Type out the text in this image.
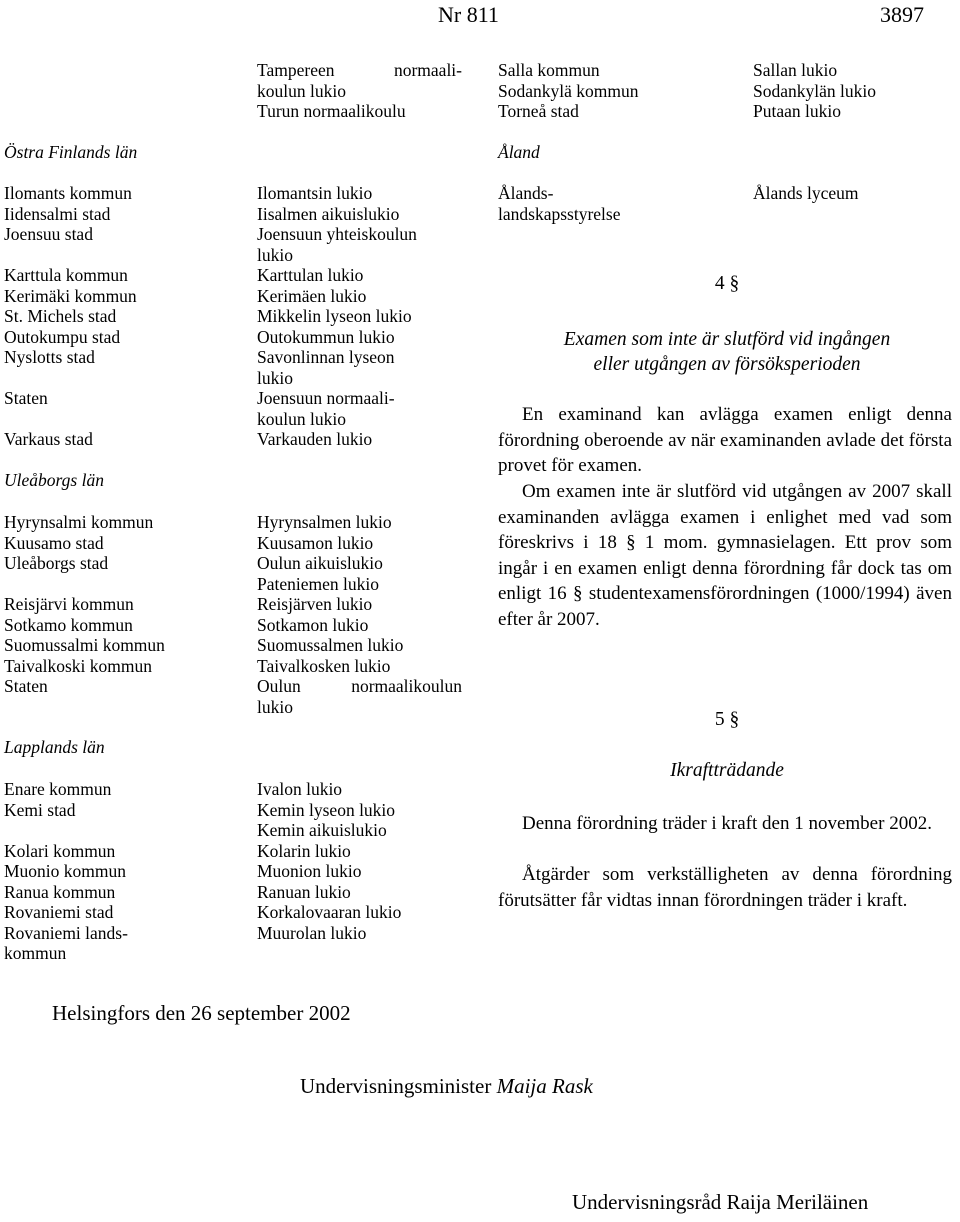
Nr 811	3897
Tampereen	normaali-
koulun lukio
Turun normaalikoulu
Salla kommun
Sodankylä kommun
Torneå stad
Sallan lukio
Sodankylän lukio
Putaan lukio
Östra Finlands län
Ilomants kommun
Iidensalmi stad
Joensuu stad
Karttula kommun
Kerimäki kommun
St. Michels stad
Outokumpu stad
Nyslotts stad
Staten
Varkaus stad
Ilomantsin lukio
Iisalmen aikuislukio
Joensuun yhteiskoulun
lukio
Karttulan lukio
Kerimäen lukio
Mikkelin lyseon lukio
Outokummun lukio
Savonlinnan lyseon
lukio
Joensuun normaali-
koulun lukio
Varkauden lukio
Uleåborgs län
Hyrynsalmi kommun
Kuusamo stad
Uleåborgs stad
Reisjärvi kommun
Sotkamo kommun
Suomussalmi kommun
Taivalkoski kommun
Staten
Hyrynsalmen lukio
Kuusamon lukio
Oulun aikuislukio
Pateniemen lukio
Reisjärven lukio
Sotkamon lukio
Suomussalmen lukio
Taivalkosken lukio
Oulun normaalikoulun
lukio
Lapplands län
Enare kommun
Kemi stad
Kolari kommun
Muonio kommun
Ranua kommun
Rovaniemi stad
Rovaniemi lands-
kommun
Ivalon lukio
Kemin lyseon lukio
Kemin aikuislukio
Kolarin lukio
Muonion lukio
Ranuan lukio
Korkalovaaran lukio
Muurolan lukio
Åland
Ålands-
landskapsstyrelse
Ålands lyceum
4 §
Examen som inte är slutförd vid ingången
eller utgången av försöksperioden
En examinand kan avlägga examen enligt denna förordning oberoende av när examinanden avlade det första provet för examen.
Om examen inte är slutförd vid utgången av 2007 skall examinanden avlägga examen i enlighet med vad som föreskrivs i 18 § 1 mom. gymnasielagen. Ett prov som ingår i en examen enligt denna förordning får dock tas om enligt 16 § studentexamensförordningen (1000/1994) även efter år 2007.
5 §
Ikraftträdande
Denna förordning träder i kraft den 1 november 2002.
Åtgärder som verkställigheten av denna förordning förutsätter får vidtas innan förordningen träder i kraft.
Helsingfors den 26 september 2002
Undervisningsminister Maija Rask
Undervisningsråd Raija Meriläinen
